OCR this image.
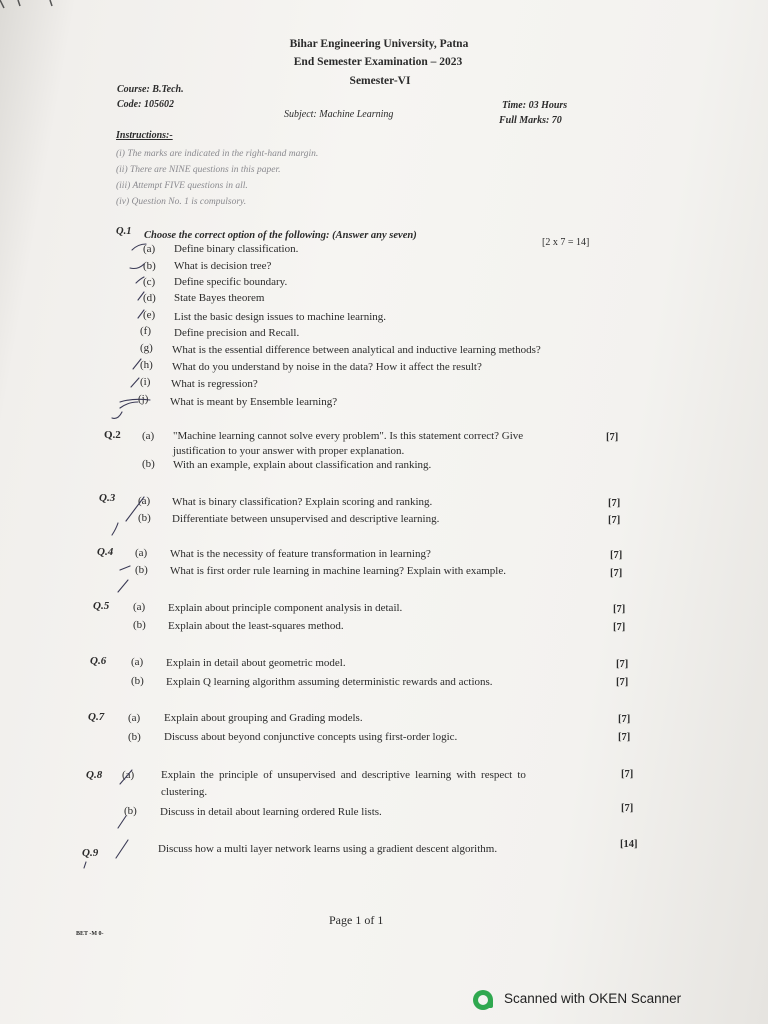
Bihar Engineering University, Patna
End Semester Examination – 2023
Semester-VI
Course: B.Tech.
Code: 105602
Subject: Machine Learning
Time: 03 Hours
Full Marks: 70
Instructions:-
(i) The marks are indicated in the right-hand margin.
(ii) There are NINE questions in this paper.
(iii) Attempt FIVE questions in all.
(iv) Question No. 1 is compulsory.
Q.1 Choose the correct option of the following: (Answer any seven)
[2 x 7 = 14]
(a) Define binary classification.
(b) What is decision tree?
(c) Define specific boundary.
(d) State Bayes theorem
(e) List the basic design issues to machine learning.
(f) Define precision and Recall.
(g) What is the essential difference between analytical and inductive learning methods?
(h) What do you understand by noise in the data? How it affect the result?
(i) What is regression?
(j) What is meant by Ensemble learning?
Q.2 (a) "Machine learning cannot solve every problem". Is this statement correct? Give
justification to your answer with proper explanation.
[7]
(b) With an example, explain about classification and ranking.
Q.3 (a) What is binary classification? Explain scoring and ranking.	[7]
(b) Differentiate between unsupervised and descriptive learning.	[7]
Q.4 (a) What is the necessity of feature transformation in learning?	[7]
(b) What is first order rule learning in machine learning? Explain with example.	[7]
Q.5 (a) Explain about principle component analysis in detail.	[7]
(b) Explain about the least-squares method.	[7]
Q.6 (a) Explain in detail about geometric model.	[7]
(b) Explain Q learning algorithm assuming deterministic rewards and actions.	[7]
Q.7 (a) Explain about grouping and Grading models.	[7]
(b) Discuss about beyond conjunctive concepts using first-order logic.	[7]
Q.8 (a) Explain the principle of unsupervised and descriptive learning with respect to
clustering.
[7]
(b) Discuss in detail about learning ordered Rule lists.	[7]
Q.9	Discuss how a multi layer network learns using a gradient descent algorithm.	[14]
Page 1 of 1
BET -M 0-
Scanned with OKEN Scanner
